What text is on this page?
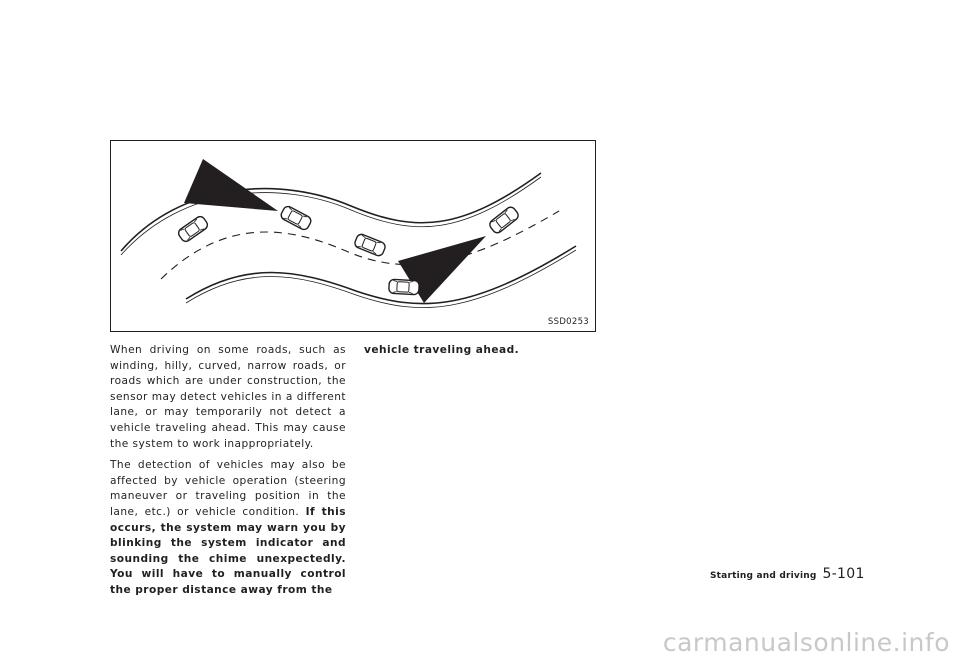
SSD0253

When driving on some roads, such as winding, hilly, curved, narrow roads, or roads which are under construction, the sensor may detect vehicles in a different lane, or may temporarily not detect a vehicle traveling ahead. This may cause the system to work inappropriately.

The detection of vehicles may also be affected by vehicle operation (steering maneuver or traveling position in the lane, etc.) or vehicle condition. If this occurs, the system may warn you by blinking the system indicator and sounding the chime unexpectedly. You will have to manually control the proper distance away from the

vehicle traveling ahead.

Starting and driving 5-101
carmanualsonline.info
